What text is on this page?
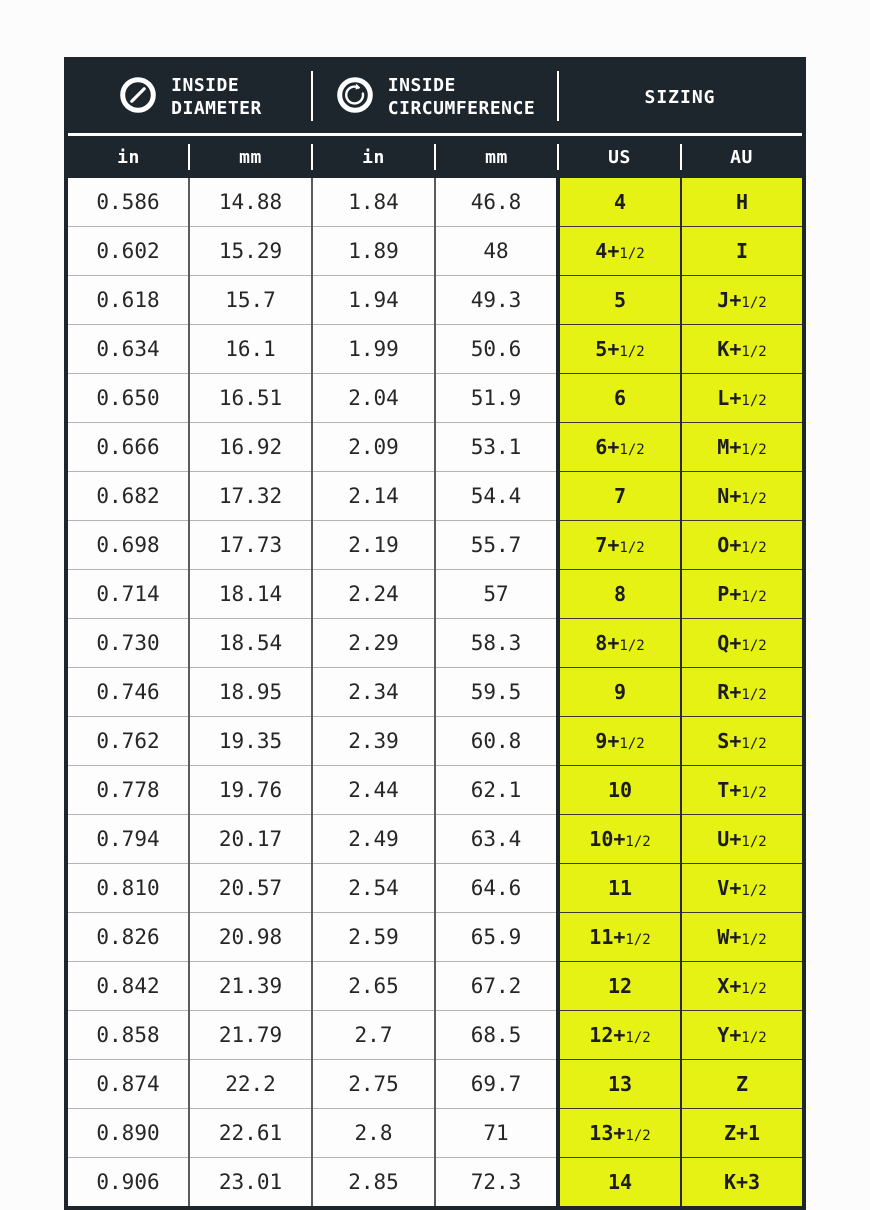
INSIDE
DIAMETER		INSIDE
CIRCUMFERENCE		SIZING	
in	mm	in	mm	US	AU
0.586	14.88	1.84	46.8	4	H
0.602	15.29	1.89	48	4+1/2	I
0.618	15.7	1.94	49.3	5	J+1/2
0.634	16.1	1.99	50.6	5+1/2	K+1/2
0.650	16.51	2.04	51.9	6	L+1/2
0.666	16.92	2.09	53.1	6+1/2	M+1/2
0.682	17.32	2.14	54.4	7	N+1/2
0.698	17.73	2.19	55.7	7+1/2	O+1/2
0.714	18.14	2.24	57	8	P+1/2
0.730	18.54	2.29	58.3	8+1/2	Q+1/2
0.746	18.95	2.34	59.5	9	R+1/2
0.762	19.35	2.39	60.8	9+1/2	S+1/2
0.778	19.76	2.44	62.1	10	T+1/2
0.794	20.17	2.49	63.4	10+1/2	U+1/2
0.810	20.57	2.54	64.6	11	V+1/2
0.826	20.98	2.59	65.9	11+1/2	W+1/2
0.842	21.39	2.65	67.2	12	X+1/2
0.858	21.79	2.7	68.5	12+1/2	Y+1/2
0.874	22.2	2.75	69.7	13	Z
0.890	22.61	2.8	71	13+1/2	Z+1
0.906	23.01	2.85	72.3	14	K+3
